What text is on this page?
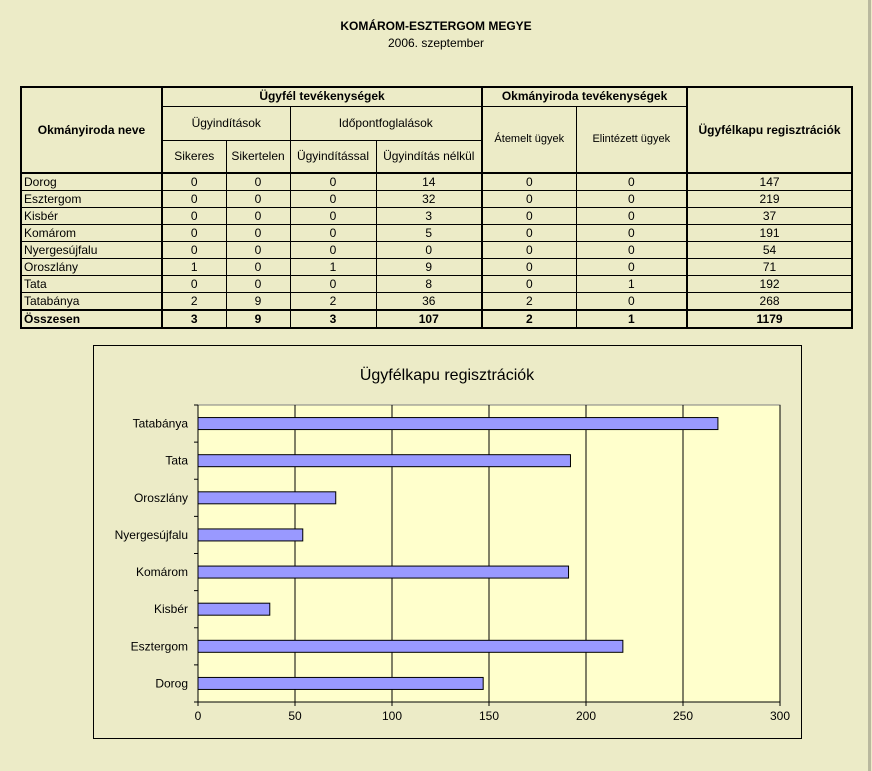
KOMÁROM-ESZTERGOM MEGYE
2006. szeptember
Okmányiroda neve	Ügyfél tevékenységek				Okmányiroda tevékenységek		Ügyfélkapu regisztrációk
	Ügyindítások		Időpontfoglalások		Átemelt ügyek	Elintézett ügyek	
	Sikeres	Sikertelen	Ügyindítással	Ügyindítás nélkül			
Dorog	0	0	0	14	0	0	147
Esztergom	0	0	0	32	0	0	219
Kisbér	0	0	0	3	0	0	37
Komárom	0	0	0	5	0	0	191
Nyergesújfalu	0	0	0	0	0	0	54
Oroszlány	1	0	1	9	0	0	71
Tata	0	0	0	8	0	1	192
Tatabánya	2	9	2	36	2	0	268
Összesen	3	9	3	107	2	1	1179
Ügyfélkapu regisztrációk
0	50	100	150	200	250	300
Dorog
Esztergom
Kisbér
Komárom
Nyergesújfalu
Oroszlány
Tata
Tatabánya
